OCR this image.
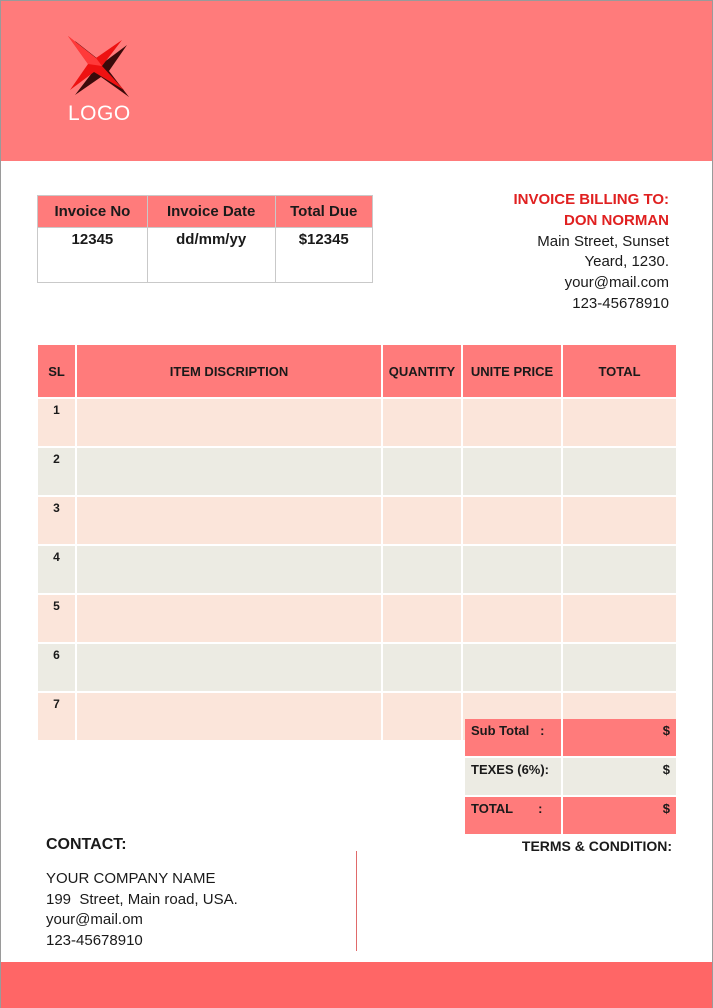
LOGO
Invoice No	Invoice Date	Total Due
12345	dd/mm/yy	$12345
INVOICE BILLING TO:
DON NORMAN
Main Street, Sunset
Yeard, 1230.
your@mail.com
123-45678910
SL	ITEM DISCRIPTION	QUANTITY	UNITE PRICE	TOTAL
1				
2				
3				
4				
5				
6				
7				
Sub Total   :	$
TEXES (6%):	$
TOTAL       :	$
CONTACT:
YOUR COMPANY NAME
199  Street, Main road, USA.
your@mail.om
123-45678910
TERMS & CONDITION:
